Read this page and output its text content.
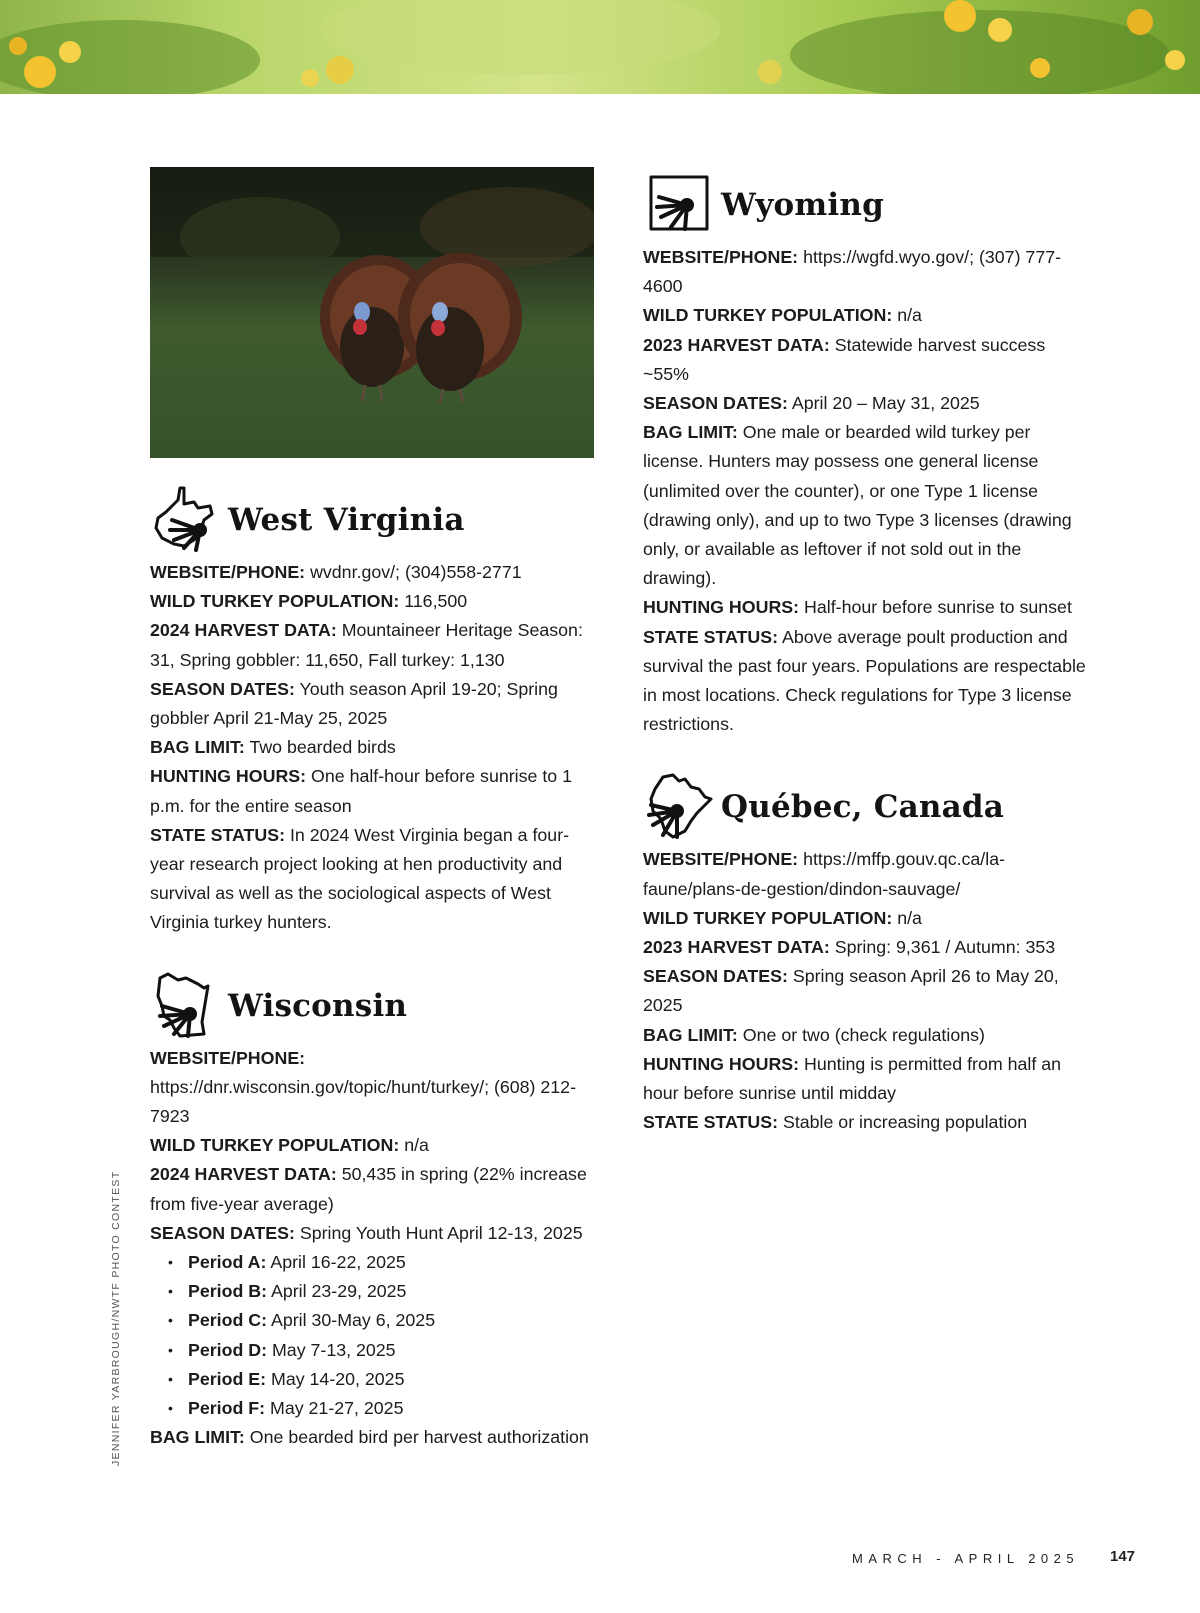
West Virginia

WEBSITE/PHONE: wvdnr.gov/; (304)558-2771

WILD TURKEY POPULATION: 116,500

2024 HARVEST DATA: Mountaineer Heritage Season: 31, Spring gobbler: 11,650, Fall turkey: 1,130

SEASON DATES: Youth season April 19-20; Spring gobbler April 21-May 25, 2025

BAG LIMIT: Two bearded birds

HUNTING HOURS: One half-hour before sunrise to 1 p.m. for the entire season

STATE STATUS: In 2024 West Virginia began a four-year research project looking at hen productivity and survival as well as the sociological aspects of West Virginia turkey hunters.

Wisconsin

WEBSITE/PHONE: https://dnr.wisconsin.gov/topic/hunt/turkey/; (608) 212-7923

WILD TURKEY POPULATION: n/a

2024 HARVEST DATA: 50,435 in spring (22% increase from five-year average)

SEASON DATES: Spring Youth Hunt April 12-13, 2025

• Period A: April 16-22, 2025
• Period B: April 23-29, 2025
• Period C: April 30-May 6, 2025
• Period D: May 7-13, 2025
• Period E: May 14-20, 2025
• Period F: May 21-27, 2025

BAG LIMIT: One bearded bird per harvest authorization

Wyoming

WEBSITE/PHONE: https://wgfd.wyo.gov/; (307) 777-4600

WILD TURKEY POPULATION: n/a

2023 HARVEST DATA: Statewide harvest success ~55%

SEASON DATES: April 20 – May 31, 2025

BAG LIMIT: One male or bearded wild turkey per license. Hunters may possess one general license (unlimited over the counter), or one Type 1 license (drawing only), and up to two Type 3 licenses (drawing only, or available as leftover if not sold out in the drawing).

HUNTING HOURS: Half-hour before sunrise to sunset

STATE STATUS: Above average poult production and survival the past four years. Populations are respectable in most locations. Check regulations for Type 3 license restrictions.

Québec, Canada

WEBSITE/PHONE: https://mffp.gouv.qc.ca/la-faune/plans-de-gestion/dindon-sauvage/

WILD TURKEY POPULATION: n/a

2023 HARVEST DATA: Spring: 9,361 / Autumn: 353

SEASON DATES: Spring season April 26 to May 20, 2025

BAG LIMIT: One or two (check regulations)

HUNTING HOURS: Hunting is permitted from half an hour before sunrise until midday

STATE STATUS: Stable or increasing population

JENNIFER YARBROUGH/NWTF PHOTO CONTEST
MARCH - APRIL 2025 147
